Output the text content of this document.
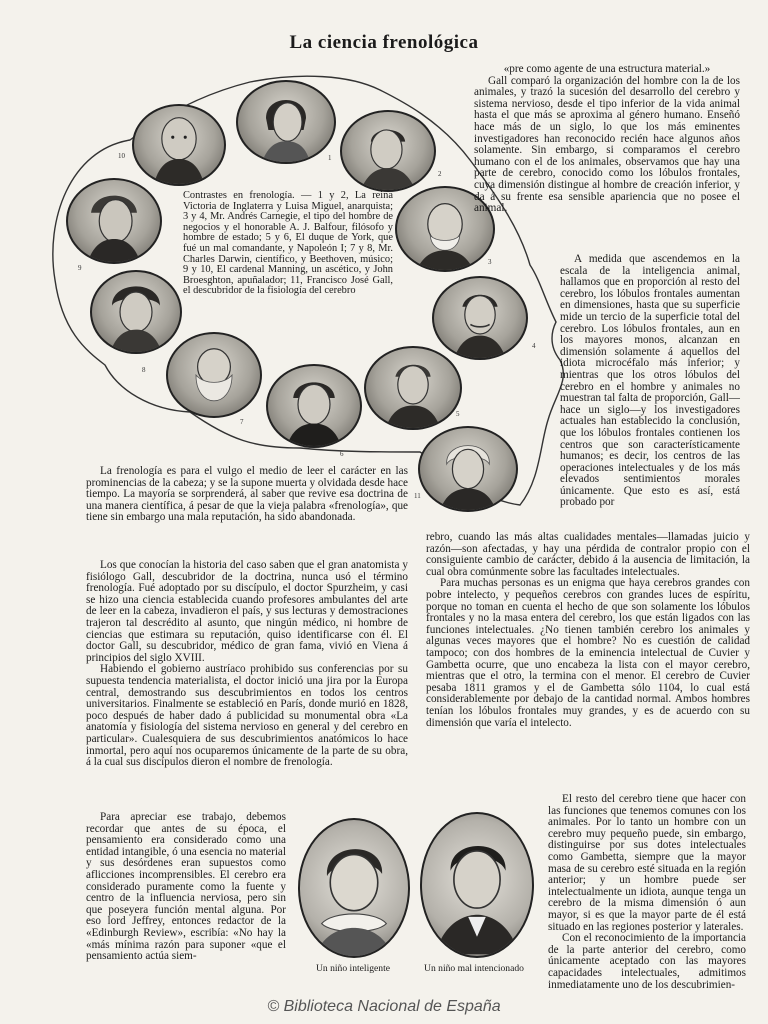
La ciencia frenológica
10	1
2
9
3
8
4
7
6
5
11
Contrastes en frenología. — 1 y 2, La reina Victoria de Inglaterra y Luisa Miguel, anarquista; 3 y 4, Mr. Andrés Carnegie, el tipo del hombre de negocios y el honorable A. J. Balfour, filósofo y hombre de estado; 5 y 6, El duque de York, que fué un mal comandante, y Napoleón I; 7 y 8, Mr. Charles Darwin, científico, y Beethoven, músico; 9 y 10, El cardenal Manning, un ascético, y John Broesghton, apuñalador; 11, Francisco José Gall, el descubridor de la fisiología del cerebro

«pre como agente de una estructura material.»

Gall comparó la organización del hombre con la de los animales, y trazó la sucesión del desarrollo del cerebro y sistema nervioso, desde el tipo inferior de la vida animal hasta el que más se aproxima al género humano. Enseñó hace más de un siglo, lo que los más eminentes investigadores han reconocido recién hace algunos años solamente. Sin embargo, si comparamos el cerebro humano con el de los animales, observamos que hay una parte de cerebro, conocido como los lóbulos frontales, cuya dimensión distingue al hombre de creación inferior, y da á su frente esa sensible apariencia que no posee el animal.

A medida que ascendemos en la escala de la inteligencia animal, hallamos que en proporción al resto del cerebro, los lóbulos frontales aumentan en dimensiones, hasta que su superficie mide un tercio de la superficie total del cerebro. Los lóbulos frontales, aun en los mayores monos, alcanzan en dimensión solamente á aquellos del idiota microcéfalo más inferior; y mientras que los otros lóbulos del cerebro en el hombre y animales no muestran tal falta de proporción, Gall—hace un siglo—y los investigadores actuales han establecido la conclusión, que los lóbulos frontales contienen los centros que son característicamente humanos; es decir, los centros de las operaciones intelectuales y de los más elevados sentimientos morales únicamente. Que esto es así, está probado por

La frenología es para el vulgo el medio de leer el carácter en las prominencias de la cabeza; y se la supone muerta y olvidada desde hace tiempo. La mayoría se sorprenderá, al saber que revive esa doctrina de una manera científica, á pesar de que la vieja palabra «frenología», que tiene sin embargo una mala reputación, ha sido abandonada.

Los que conocían la historia del caso saben que el gran anatomista y fisiólogo Gall, descubridor de la doctrina, nunca usó el término frenología. Fué adoptado por su discípulo, el doctor Spurzheim, y casi se hizo una ciencia establecida cuando profesores ambulantes del arte de leer en la cabeza, invadieron el país, y sus lecturas y demostraciones trajeron tal descrédito al asunto, que ningún médico, ni hombre de ciencias que estimara su reputación, quiso identificarse con él. El doctor Gall, su descubridor, médico de gran fama, vivió en Viena á principios del siglo XVIII.

Habiendo el gobierno austríaco prohibido sus conferencias por su supuesta tendencia materialista, el doctor inició una jira por la Europa central, demostrando sus descubrimientos en todos los centros universitarios. Finalmente se estableció en París, donde murió en 1828, poco después de haber dado á publicidad su monumental obra «La anatomía y fisiología del sistema nervioso en general y del cerebro en particular». Cualesquiera de sus descubrimientos anatómicos lo hace inmortal, pero aquí nos ocuparemos únicamente de la parte de su obra, á la cual sus discípulos dieron el nombre de frenología.

Para apreciar ese trabajo, debemos recordar que antes de su época, el pensamiento era considerado como una entidad intangible, ó una esencia no material y sus desórdenes eran supuestos como aflicciones incomprensibles. El cerebro era considerado puramente como la fuente y centro de la influencia nerviosa, pero sin que poseyera función mental alguna. Por eso lord Jeffrey, entonces redactor de la «Edinburgh Review», escribía: «No hay la «más mínima razón para suponer «que el pensamiento actúa siem-

rebro, cuando las más altas cualidades mentales—llamadas juicio y razón—son afectadas, y hay una pérdida de contralor propio con el consiguiente cambio de carácter, debido á la ausencia de limitación, la cual obra comúnmente sobre las facultades intelectuales.

Para muchas personas es un enigma que haya cerebros grandes con pobre intelecto, y pequeños cerebros con grandes luces de espíritu, porque no toman en cuenta el hecho de que son solamente los lóbulos frontales y no la masa entera del cerebro, los que están ligados con las funciones intelectuales. ¿No tienen también cerebro los animales y algunas veces mayores que el hombre? No es cuestión de calidad tampoco; con dos hombres de la eminencia intelectual de Cuvier y Gambetta ocurre, que uno encabeza la lista con el mayor cerebro, mientras que el otro, la termina con el menor. El cerebro de Cuvier pesaba 1811 gramos y el de Gambetta sólo 1104, lo cual está considerablemente por debajo de la cantidad normal. Ambos hombres tenían los lóbulos frontales muy grandes, y es de acuerdo con su dimensión que varía el intelecto.

El resto del cerebro tiene que hacer con las funciones que tenemos comunes con los animales. Por lo tanto un hombre con un cerebro muy pequeño puede, sin embargo, distinguirse por sus dotes intelectuales como Gambetta, siempre que la mayor masa de su cerebro esté situada en la región anterior; y un hombre puede ser intelectualmente un idiota, aunque tenga un cerebro de la misma dimensión ó aun mayor, si es que la mayor parte de él está situado en las regiones posterior y laterales.

Con el reconocimiento de la importancia de la parte anterior del cerebro, como únicamente aceptado con las mayores capacidades intelectuales, admitimos inmediatamente uno de los descubrimien-

Un niño inteligente	Un niño mal intencionado
© Biblioteca Nacional de España
